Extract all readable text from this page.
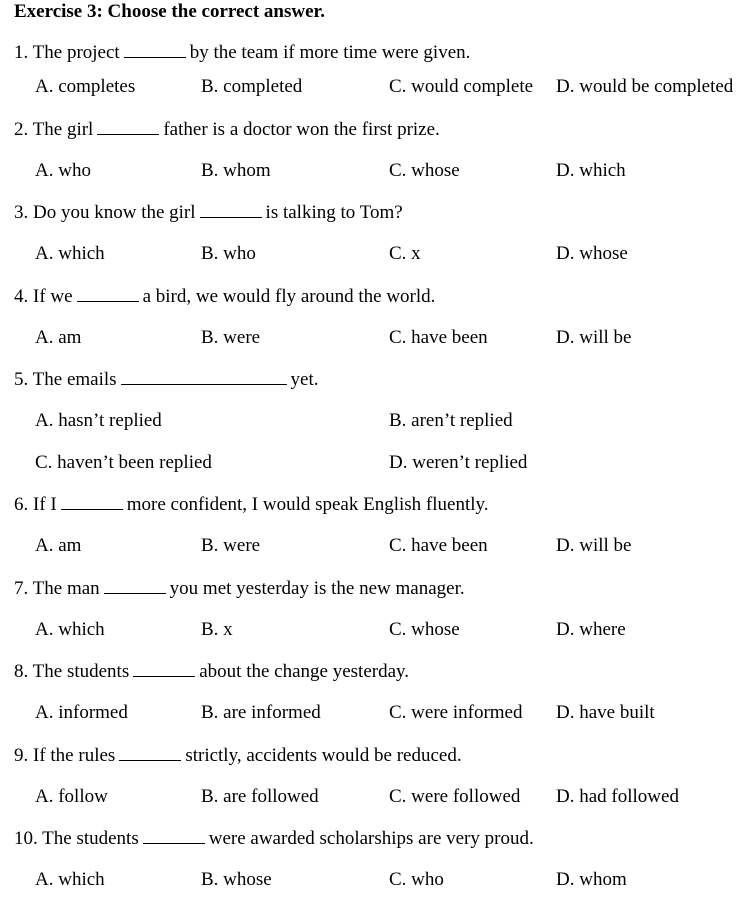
Exercise 3: Choose the correct answer.
1. The project	by the team if more time were given.
A. completes	B. completed	C. would complete D. would be completed
2. The girl	father is a doctor won the first prize.
A. who	B. whom	C. whose	D. which
3. Do you know the girl	is talking to Tom?
A. which	B. who	C. x	D. whose
4. If we	a bird, we would fly around the world.
A. am	B. were	C. have been	D. will be
5. The emails	yet.
A. hasn’t replied	B. aren’t replied
C. haven’t been replied	D. weren’t replied
6. If I	more confident, I would speak English fluently.
A. am	B. were	C. have been	D. will be
7. The man	you met yesterday is the new manager.
A. which	B. x	C. whose	D. where
8. The students	about the change yesterday.
A. informed	B. are informed	C. were informed D. have built
9. If the rules	strictly, accidents would be reduced.
A. follow	B. are followed	C. were followed D. had followed
10. The students	were awarded scholarships are very proud.
A. which	B. whose	C. who	D. whom
